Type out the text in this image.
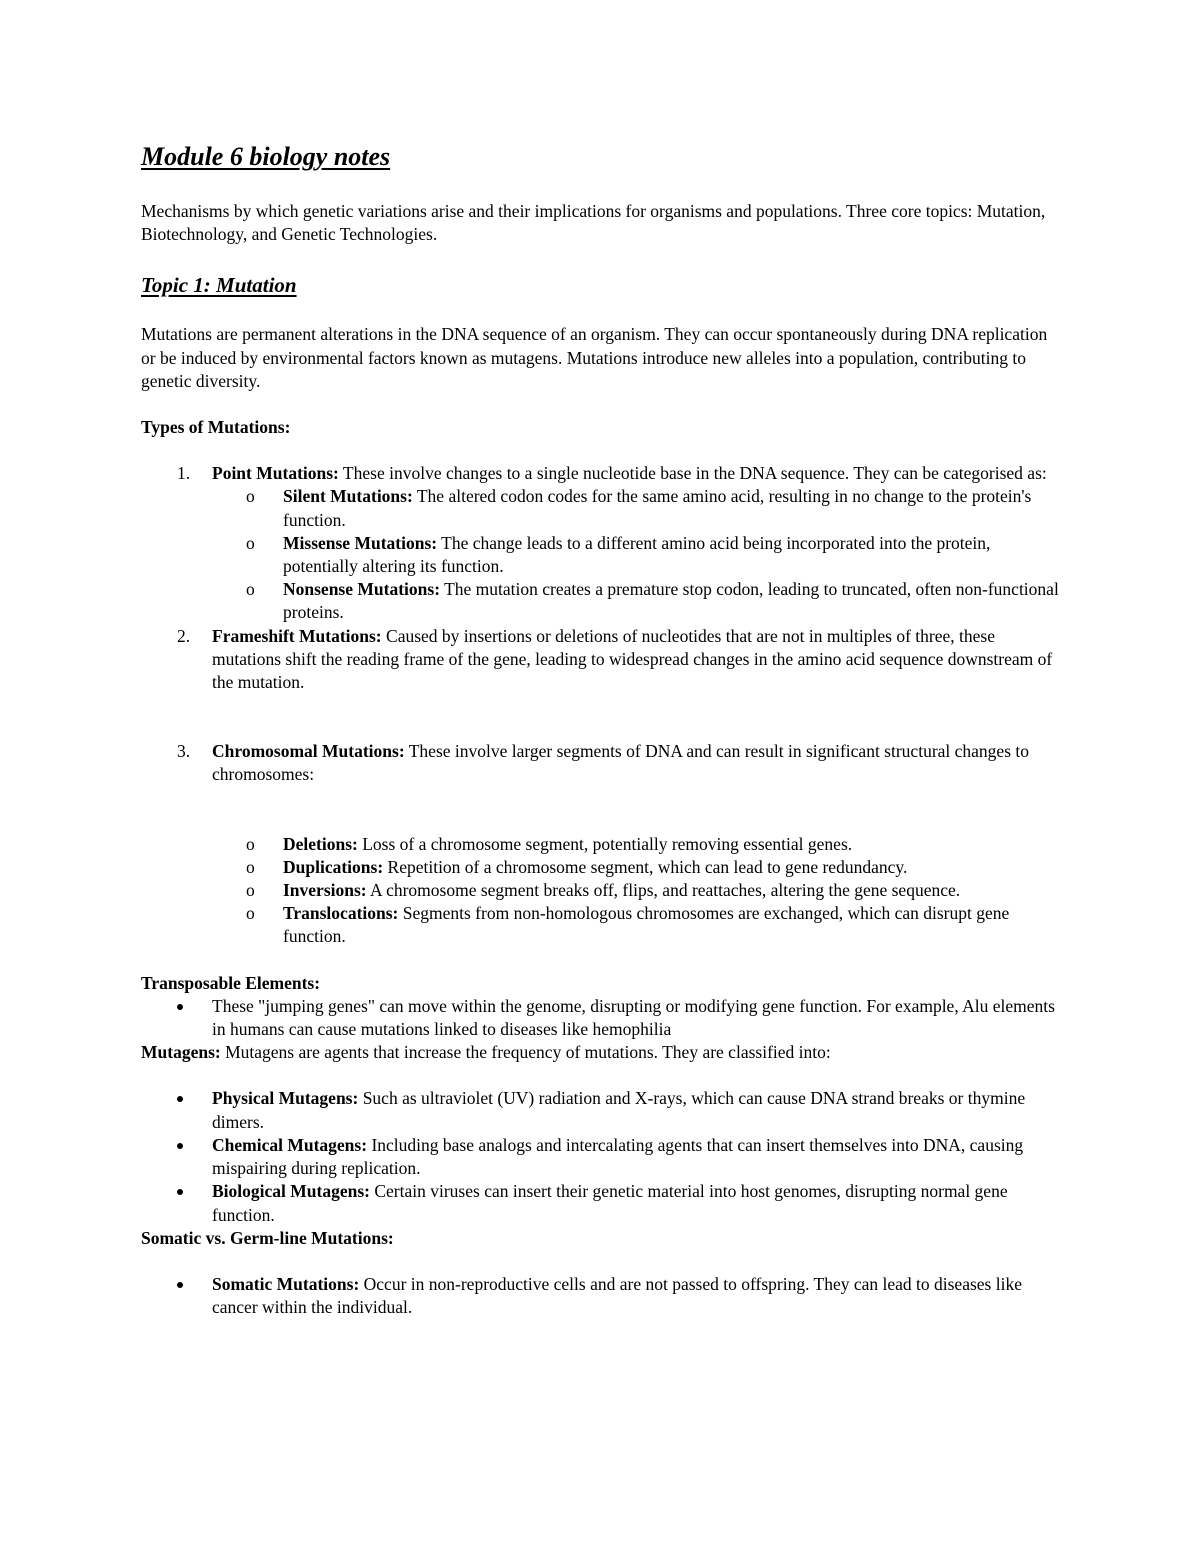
Module 6 biology notes

Mechanisms by which genetic variations arise and their implications for organisms and populations. Three core topics: Mutation, Biotechnology, and Genetic Technologies.

Topic 1: Mutation

Mutations are permanent alterations in the DNA sequence of an organism. They can occur spontaneously during DNA replication or be induced by environmental factors known as mutagens. Mutations introduce new alleles into a population, contributing to genetic diversity.

Types of Mutations:

1. Point Mutations: These involve changes to a single nucleotide base in the DNA sequence. They can be categorised as:
o Silent Mutations: The altered codon codes for the same amino acid, resulting in no change to the protein's function.
o Missense Mutations: The change leads to a different amino acid being incorporated into the protein, potentially altering its function.
o Nonsense Mutations: The mutation creates a premature stop codon, leading to truncated, often non-functional proteins.
2. Frameshift Mutations: Caused by insertions or deletions of nucleotides that are not in multiples of three, these mutations shift the reading frame of the gene, leading to widespread changes in the amino acid sequence downstream of the mutation.
3. Chromosomal Mutations: These involve larger segments of DNA and can result in significant structural changes to chromosomes:
o Deletions: Loss of a chromosome segment, potentially removing essential genes.
o Duplications: Repetition of a chromosome segment, which can lead to gene redundancy.
o Inversions: A chromosome segment breaks off, flips, and reattaches, altering the gene sequence.
o Translocations: Segments from non-homologous chromosomes are exchanged, which can disrupt gene function.

Transposable Elements:

These "jumping genes" can move within the genome, disrupting or modifying gene function. For example, Alu elements in humans can cause mutations linked to diseases like hemophilia

Mutagens: Mutagens are agents that increase the frequency of mutations. They are classified into:

Physical Mutagens: Such as ultraviolet (UV) radiation and X-rays, which can cause DNA strand breaks or thymine dimers.
Chemical Mutagens: Including base analogs and intercalating agents that can insert themselves into DNA, causing mispairing during replication.
Biological Mutagens: Certain viruses can insert their genetic material into host genomes, disrupting normal gene function.

Somatic vs. Germ-line Mutations:

Somatic Mutations: Occur in non-reproductive cells and are not passed to offspring. They can lead to diseases like cancer within the individual.
